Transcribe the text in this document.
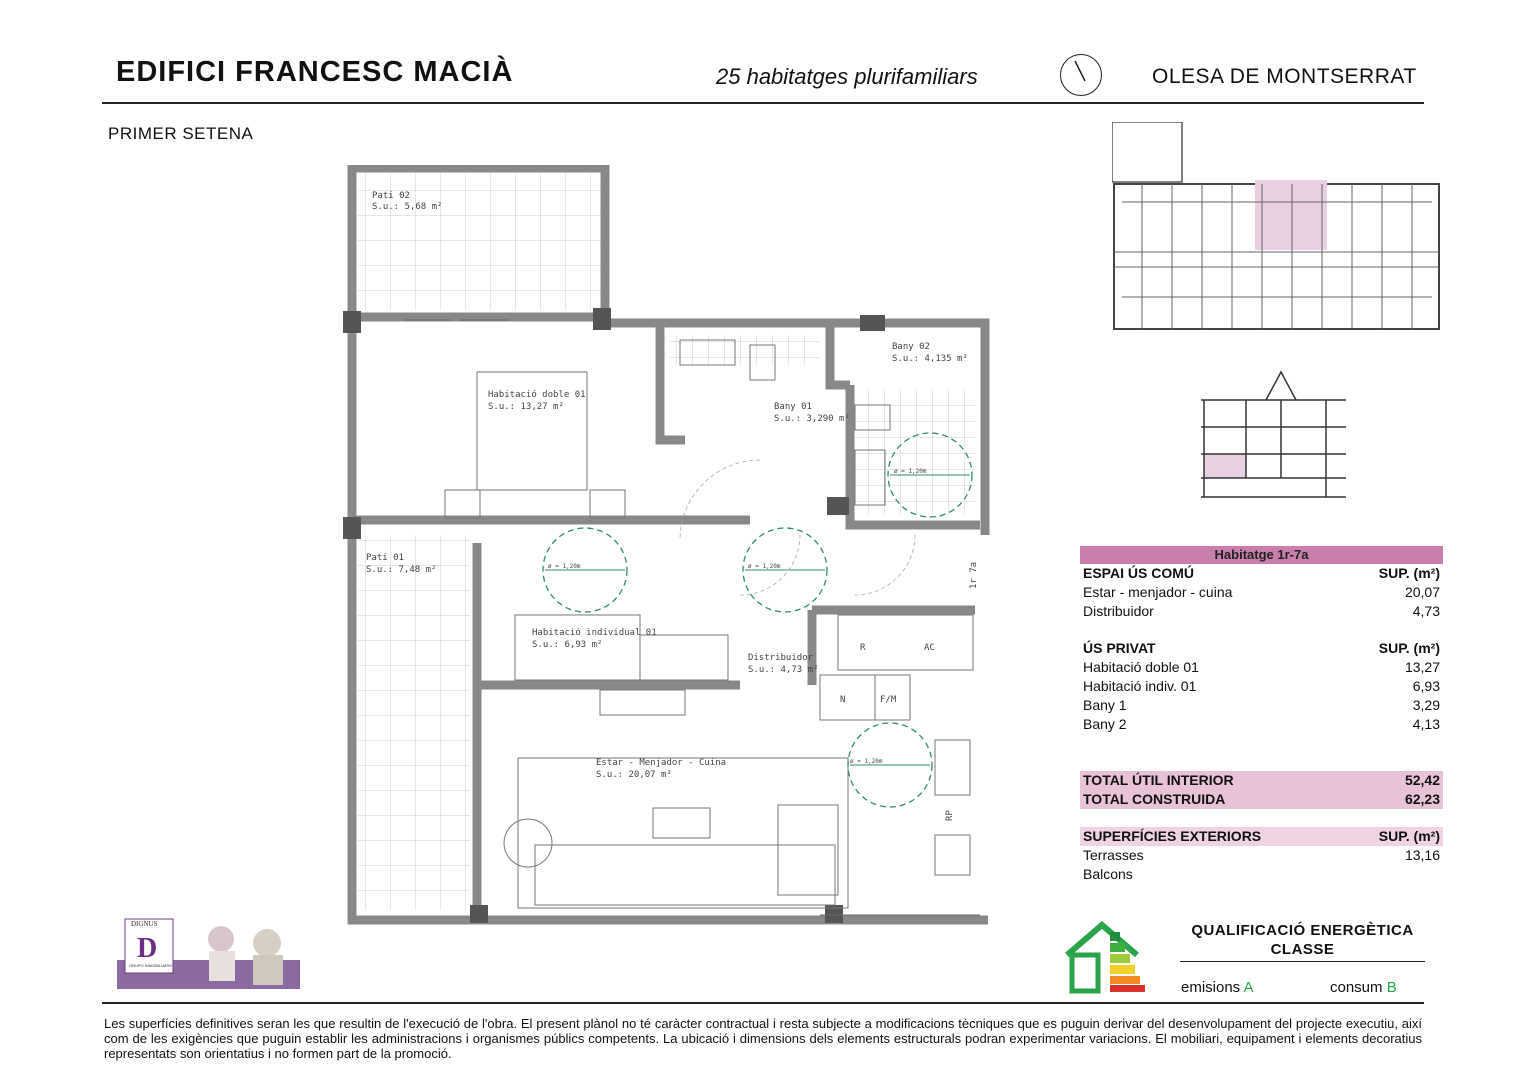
EDIFICI FRANCESC MACIÀ	25 habitatges plurifamiliars	OLESA DE MONTSERRAT
PRIMER SETENA
Pati 02
S.u.: 5,68 m²
Habitació doble 01
S.u.: 13,27 m²	Bany 01
S.u.: 3,290 m²
Bany 02
S.u.: 4,135 m²
Pati 01
S.u.: 7,48 m²
Habitació individual 01
S.u.: 6,93 m²
Distribuidor
S.u.: 4,73 m²
Estar - Menjador - Cuina
S.u.: 20,07 m²
R	AC
N	F/M
RP
1r 7a
ø = 1,20m	ø = 1,20m
ø = 1,20m
ø = 1,20m
Habitatge 1r-7a
ESPAI ÚS COMÚ	SUP. (m²)
Estar - menjador - cuina	20,07
Distribuidor	4,73
ÚS PRIVAT	SUP. (m²)
Habitació doble 01	13,27
Habitació indiv. 01	6,93
Bany 1	3,29
Bany 2	4,13
TOTAL ÚTIL INTERIOR	52,42
TOTAL CONSTRUIDA	62,23
SUPERFÍCIES EXTERIORS	SUP. (m²)
Terrasses	13,16
Balcons
QUALIFICACIÓ ENERGÈTICA
CLASSE
emisions A	consum B
DIGNUS
D
GRUPO INMOBILIARIO
Les superfícies definitives seran les que resultin de l'execució de l'obra. El present plànol no té caràcter contractual i resta subjecte a modificacions tècniques que es puguin derivar del desenvolupament del projecte executiu, així com de les exigències que puguin establir les administracions i organismes públics competents. La ubicació i dimensions dels elements estructurals podran experimentar variacions. El mobiliari, equipament i elements decoratius representats son orientatius i no formen part de la promoció.
